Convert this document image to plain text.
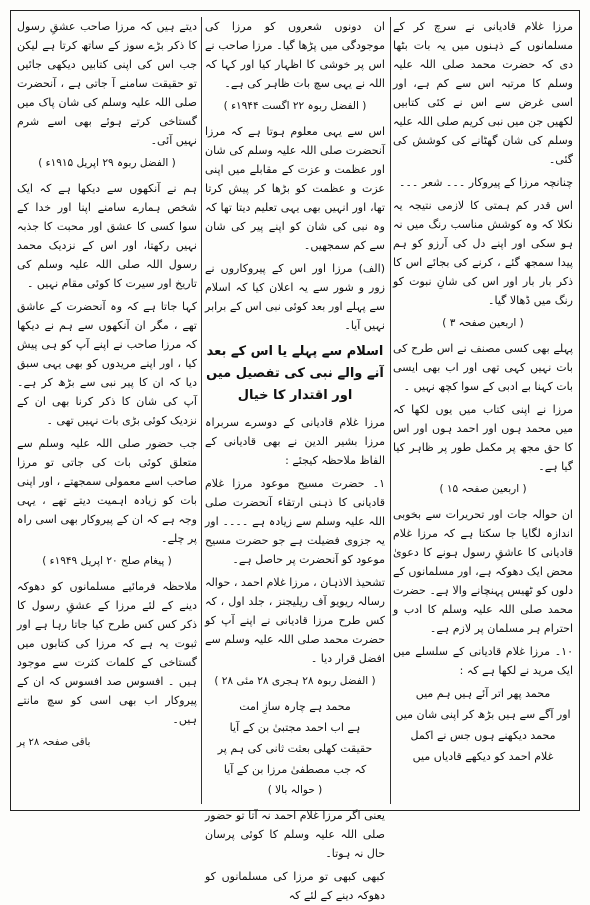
مرزا غلام قادیانی نے سرچ کر کے مسلمانوں کے ذہنوں میں یہ بات بٹھا دی کہ حضرت محمد صلی اللہ علیہ وسلم کا مرتبہ اس سے کم ہے، اور اسی غرض سے اس نے کئی کتابیں لکھیں جن میں نبی کریم صلی اللہ علیہ وسلم کی شان گھٹانے کی کوشش کی گئی۔

چنانچہ مرزا کے پیروکار ۔۔۔ شعر ۔۔۔

اس قدر کم ہمتی کا لازمی نتیجہ یہ نکلا کہ وہ کوشش مناسب رنگ میں نہ ہو سکی اور اپنے دل کی آرزو کو ہم پیدا سمجھ گئے ، کرنے کی بجائے اس کا ذکر بار بار اور اس کی شانِ نبوت کو رنگ میں ڈھالا گیا۔

( اربعین صفحہ ۳ )

پہلے بھی کسی مصنف نے اس طرح کی بات نہیں کہی تھی اور اب بھی ایسی بات کہنا بے ادبی کے سوا کچھ نہیں ۔

مرزا نے اپنی کتاب میں یوں لکھا کہ میں محمد ہوں اور احمد ہوں اور اس کا حق مجھ پر مکمل طور پر ظاہر کیا گیا ہے۔

( اربعین صفحہ ۱۵ )

ان حوالہ جات اور تحریرات سے بخوبی اندازہ لگایا جا سکتا ہے کہ مرزا غلام قادیانی کا عاشقِ رسول ہونے کا دعویٰ محض ایک دھوکہ ہے، اور مسلمانوں کے دلوں کو ٹھیس پہنچانے والا ہے۔ حضرت محمد صلی اللہ علیہ وسلم کا ادب و احترام ہر مسلمان پر لازم ہے۔

۱۰۔ مرزا غلام قادیانی کے سلسلے میں ایک مرید نے لکھا ہے کہ :

محمد پھر اتر آئے ہیں ہم میں

اور آگے سے ہیں بڑھ کر اپنی شان میں

محمد دیکھنے ہوں جس نے اکمل

غلام احمد کو دیکھے قادیاں میں

ان دونوں شعروں کو مرزا کی موجودگی میں پڑھا گیا۔ مرزا صاحب نے اس پر خوشی کا اظہار کیا اور کہا کہ اللہ نے یہی سچ بات ظاہر کی ہے۔

( الفضل ربوہ ۲۲ اگست ۱۹۴۴ء )

اس سے یہی معلوم ہوتا ہے کہ مرزا آنحضرت صلی اللہ علیہ وسلم کی شان اور عظمت و عزت کے مقابلے میں اپنی عزت و عظمت کو بڑھا کر پیش کرتا تھا، اور انہیں بھی یہی تعلیم دیتا تھا کہ وہ نبی کی شان کو اپنے پیر کی شان سے کم سمجھیں۔

(الف) مرزا اور اس کے پیروکاروں نے زور و شور سے یہ اعلان کیا کہ اسلام سے پہلے اور بعد کوئی نبی اس کے برابر نہیں آیا۔

اسلام سے پہلے یا اس کے بعد آنے والے نبی کی تفصیل میں اور اقتدار کا خیال

مرزا غلام قادیانی کے دوسرے سربراہ مرزا بشیر الدین نے بھی قادیانی کے الفاظ ملاحظہ کیجئے :

۱۔ حضرت مسیح موعود مرزا غلام قادیانی کا ذہنی ارتقاء آنحضرت صلی اللہ علیہ وسلم سے زیادہ ہے ۔۔۔۔ اور یہ جزوی فضیلت ہے جو حضرت مسیح موعود کو آنحضرت پر حاصل ہے۔

تشحیذ الاذہان ، مرزا غلام احمد ، حوالہ رسالہ ریویو آف ریلیجنز ، جلد اول ، کہ کس طرح مرزا قادیانی نے اپنے آپ کو حضرت محمد صلی اللہ علیہ وسلم سے افضل قرار دیا ۔

( الفضل ربوہ ۲۸ ہجری ۲۸ مئی ۲۸ )

محمد ہے چارہ سازِ امت

ہے اب احمد مجتبیٰ بن کے آیا

حقیقت کھلی بعثت ثانی کی ہم پر

کہ جب مصطفیٰ مرزا بن کے آیا

( حوالہ بالا )

یعنی اگر مرزا غلام احمد نہ آتا تو حضور صلی اللہ علیہ وسلم کا کوئی پرسان حال نہ ہوتا۔

کبھی کبھی تو مرزا کی مسلمانوں کو دھوکہ دینے کے لئے کہ

دیتے ہیں کہ مرزا صاحب عشقِ رسول کا ذکر بڑے سوز کے ساتھ کرتا ہے لیکن جب اس کی اپنی کتابیں دیکھی جائیں تو حقیقت سامنے آ جاتی ہے ، آنحضرت صلی اللہ علیہ وسلم کی شان پاک میں گستاخی کرتے ہوئے بھی اسے شرم نہیں آئی۔

( الفضل ربوہ ۲۹ اپریل ۱۹۱۵ء )

ہم نے آنکھوں سے دیکھا ہے کہ ایک شخص ہمارے سامنے اپنا اور خدا کے سوا کسی کا عشق اور محبت کا جذبہ نہیں رکھتا، اور اس کے نزدیک محمد رسول اللہ صلی اللہ علیہ وسلم کی تاریخ اور سیرت کا کوئی مقام نہیں ۔

کہا جاتا ہے کہ وہ آنحضرت کے عاشق تھے ، مگر ان آنکھوں سے ہم نے دیکھا کہ مرزا صاحب نے اپنے آپ کو ہی پیش کیا ، اور اپنے مریدوں کو بھی یہی سبق دیا کہ ان کا پیر نبی سے بڑھ کر ہے۔ آپ کی شان کا ذکر کرنا بھی ان کے نزدیک کوئی بڑی بات نہیں تھی ۔

جب حضور صلی اللہ علیہ وسلم سے متعلق کوئی بات کی جاتی تو مرزا صاحب اسے معمولی سمجھتے ، اور اپنی بات کو زیادہ اہمیت دیتے تھے ، یہی وجہ ہے کہ ان کے پیروکار بھی اسی راہ پر چلے۔

( پیغام صلح ۲۰ اپریل ۱۹۴۹ء )

ملاحظہ فرمائیے مسلمانوں کو دھوکہ دینے کے لئے مرزا کے عشقِ رسول کا ذکر کس کس طرح کیا جاتا رہا ہے اور ثبوت یہ ہے کہ مرزا کی کتابوں میں گستاخی کے کلمات کثرت سے موجود ہیں ۔ افسوس صد افسوس کہ ان کے پیروکار اب بھی اسی کو سچ مانتے ہیں۔

باقی صفحہ ۲۸ پر
